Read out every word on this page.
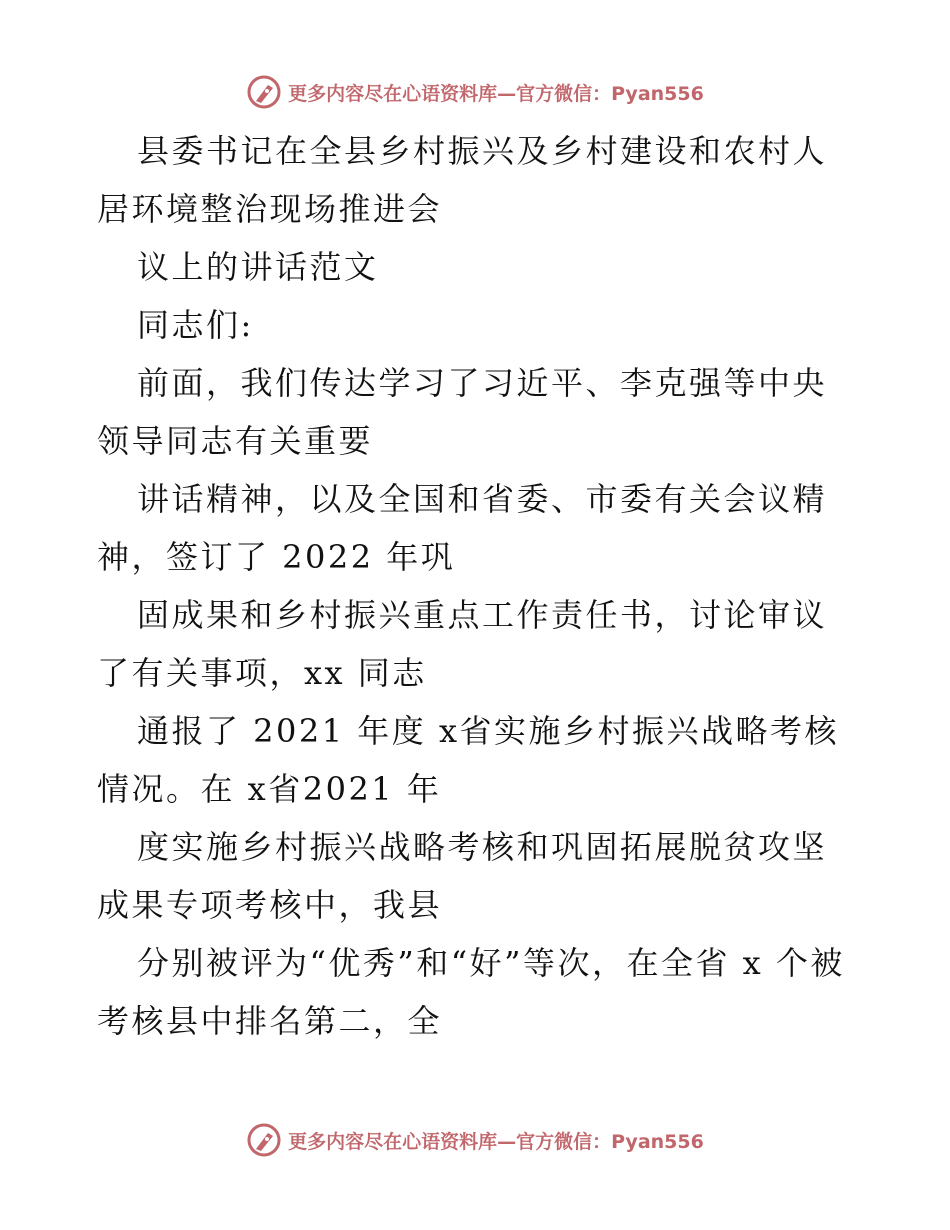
更多内容尽在心语资料库—官方微信：Pyan556

县委书记在全县乡村振兴及乡村建设和农村人居环境整治现场推进会

议上的讲话范文

同志们:

前面，我们传达学习了习近平、李克强等中央领导同志有关重要

讲话精神，以及全国和省委、市委有关会议精神，签订了 2022 年巩

固成果和乡村振兴重点工作责任书，讨论审议了有关事项，xx 同志

通报了 2021 年度 x省实施乡村振兴战略考核情况。在 x省2021 年

度实施乡村振兴战略考核和巩固拓展脱贫攻坚成果专项考核中，我县

分别被评为“优秀”和“好”等次，在全省 x 个被考核县中排名第二，全

更多内容尽在心语资料库—官方微信：Pyan556
